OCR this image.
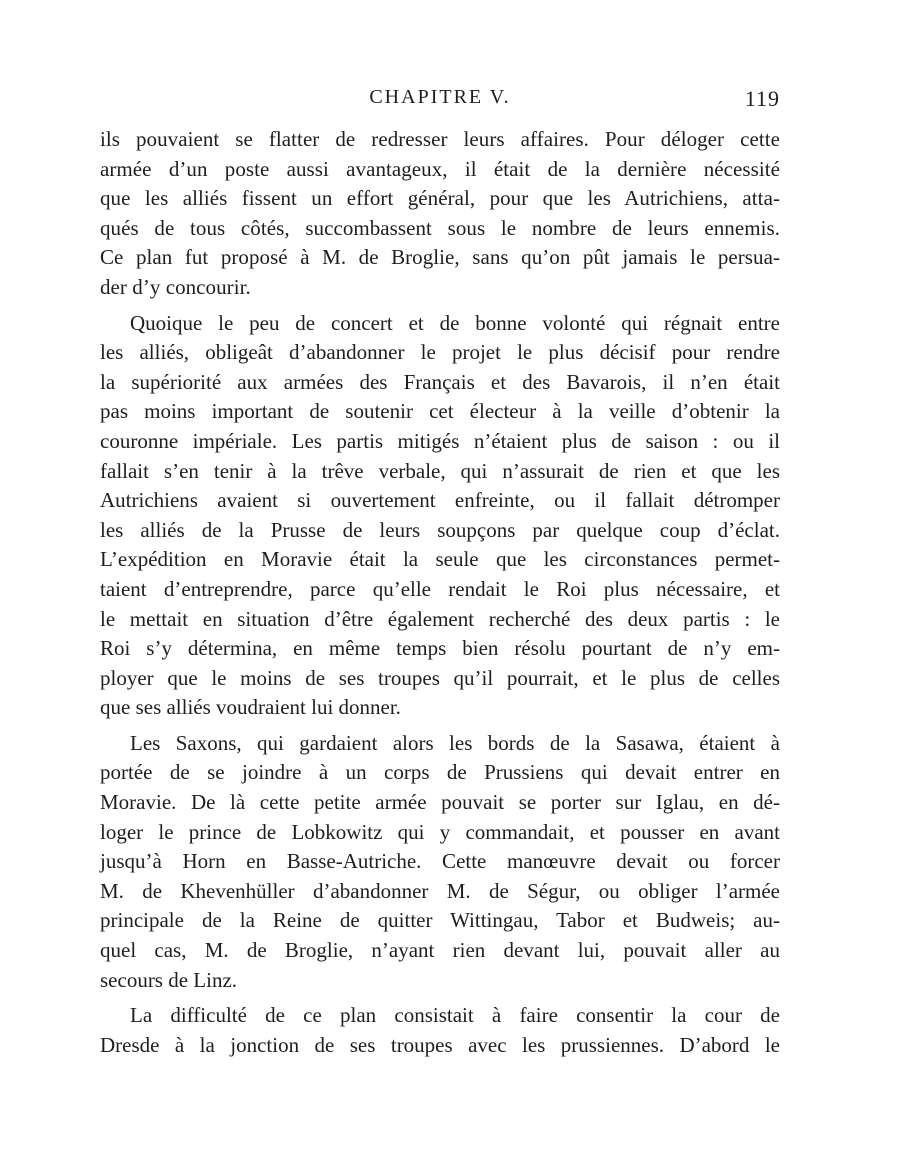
CHAPITRE V.	119
ils pouvaient se flatter de redresser leurs affaires. Pour déloger cette
armée d’un poste aussi avantageux, il était de la dernière nécessité
que les alliés fissent un effort général, pour que les Autrichiens, atta-
qués de tous côtés, succombassent sous le nombre de leurs ennemis.
Ce plan fut proposé à M. de Broglie, sans qu’on pût jamais le persua-
der d’y concourir.
Quoique le peu de concert et de bonne volonté qui régnait entre
les alliés, obligeât d’abandonner le projet le plus décisif pour rendre
la supériorité aux armées des Français et des Bavarois, il n’en était
pas moins important de soutenir cet électeur à la veille d’obtenir la
couronne impériale. Les partis mitigés n’étaient plus de saison : ou il
fallait s’en tenir à la trêve verbale, qui n’assurait de rien et que les
Autrichiens avaient si ouvertement enfreinte, ou il fallait détromper
les alliés de la Prusse de leurs soupçons par quelque coup d’éclat.
L’expédition en Moravie était la seule que les circonstances permet-
taient d’entreprendre, parce qu’elle rendait le Roi plus nécessaire, et
le mettait en situation d’être également recherché des deux partis : le
Roi s’y détermina, en même temps bien résolu pourtant de n’y em-
ployer que le moins de ses troupes qu’il pourrait, et le plus de celles
que ses alliés voudraient lui donner.
Les Saxons, qui gardaient alors les bords de la Sasawa, étaient à
portée de se joindre à un corps de Prussiens qui devait entrer en
Moravie. De là cette petite armée pouvait se porter sur Iglau, en dé-
loger le prince de Lobkowitz qui y commandait, et pousser en avant
jusqu’à Horn en Basse-Autriche. Cette manœuvre devait ou forcer
M. de Khevenhüller d’abandonner M. de Ségur, ou obliger l’armée
principale de la Reine de quitter Wittingau, Tabor et Budweis; au-
quel cas, M. de Broglie, n’ayant rien devant lui, pouvait aller au
secours de Linz.
La difficulté de ce plan consistait à faire consentir la cour de
Dresde à la jonction de ses troupes avec les prussiennes. D’abord le
